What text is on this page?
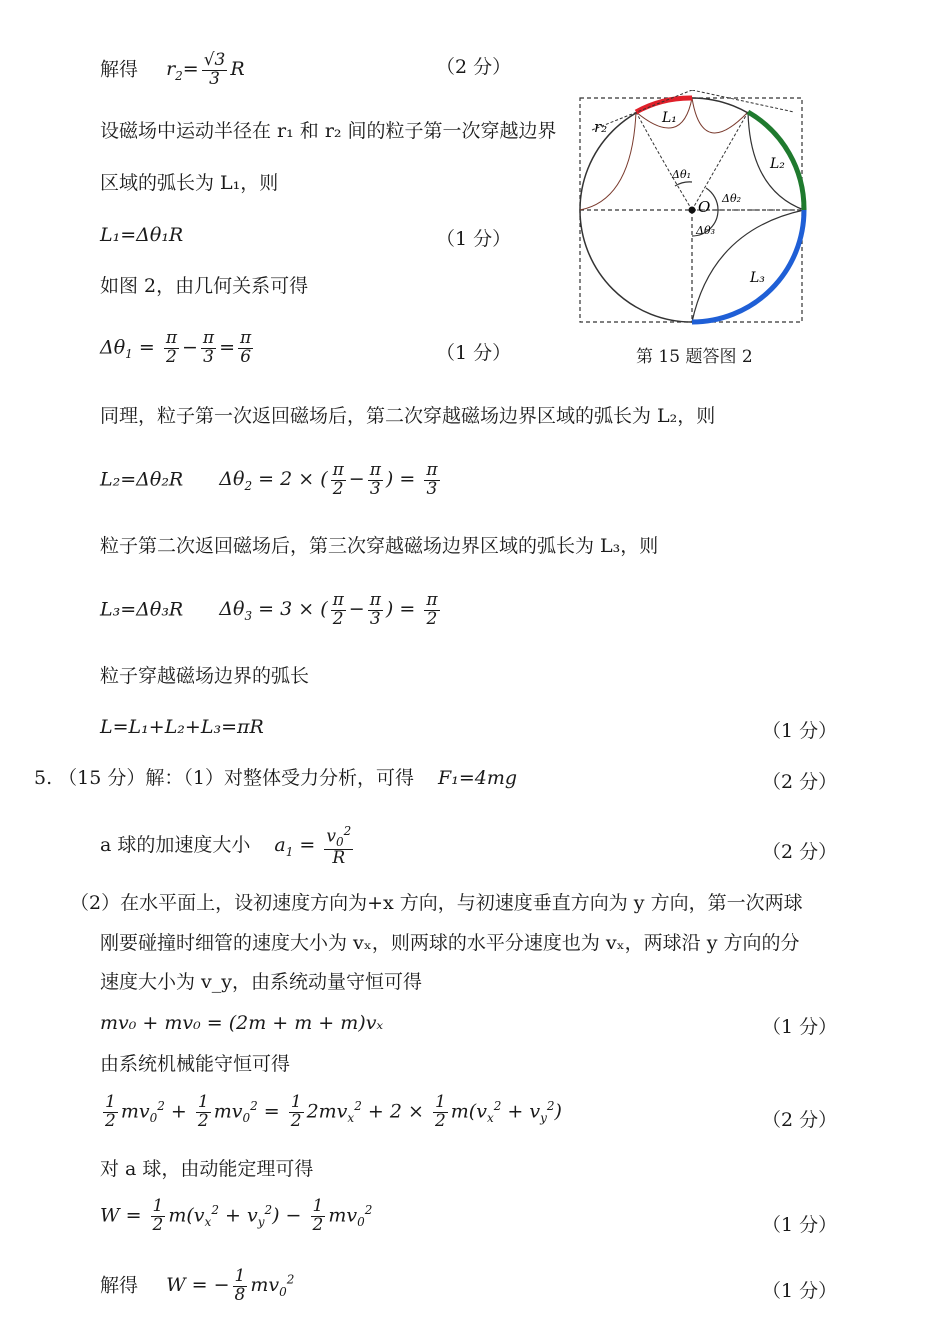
解得 $r_2= \frac{√3}{3}$ R	（2 分）
设磁场中运动半径在 r₁ 和 r₂ 间的粒子第一次穿越边界
区域的弧长为 L₁，则
L₁=Δθ₁R	（1 分）
如图 2，由几何关系可得
$\Delta\theta_1 = \frac{\pi}{2} - \frac{\pi}{3} = \frac{\pi}{6}$	（1 分）
同理，粒子第一次返回磁场后，第二次穿越磁场边界区域的弧长为 L₂，则
L₂=Δθ₂R $\Delta\theta_2 = 2$ × ( $\frac{\pi}{2} - \frac{\pi}{3}$ ) = $\frac{\pi}{3}$
粒子第二次返回磁场后，第三次穿越磁场边界区域的弧长为 L₃，则
L₃=Δθ₃R $\Delta\theta_3 = 3$ × ( $\frac{\pi}{2} - \frac{\pi}{3}$ ) = $\frac{\pi}{2}$
粒子穿越磁场边界的弧长
L=L₁+L₂+L₃=πR	（1 分）
5. （15 分）解：（1）对整体受力分析，可得 F₁=4mg	（2 分）
a 球的加速度大小 $a_1 = \frac{v_0^2}{R}$	（2 分）
（2）在水平面上，设初速度方向为+x 方向，与初速度垂直方向为 y 方向，第一次两球
刚要碰撞时细管的速度大小为 vₓ，则两球的水平分速度也为 vₓ，两球沿 y 方向的分
速度大小为 v_y，由系统动量守恒可得
mv₀ + mv₀ = (2m + m + m)vₓ	（1 分）
由系统机械能守恒可得
$\frac{1}{2} mv_0^2 + \frac{1}{2} mv_0^2 = \frac{1}{2} 2mv_x^2 + 2 \times \frac{1}{2} m(v_x^2 + v_y^2)$	（2 分）
对 a 球，由动能定理可得
$W = \frac{1}{2} m(v_x^2 + v_y^2) - \frac{1}{2} mv_0^2$
（1 分）
解得 W = − $\frac{1}{8} mv_0^2$	（1 分）
r₂	L₁
L₂
L₃
O
Δθ₁
Δθ₂
Δθ₃
第 15 题答图 2
